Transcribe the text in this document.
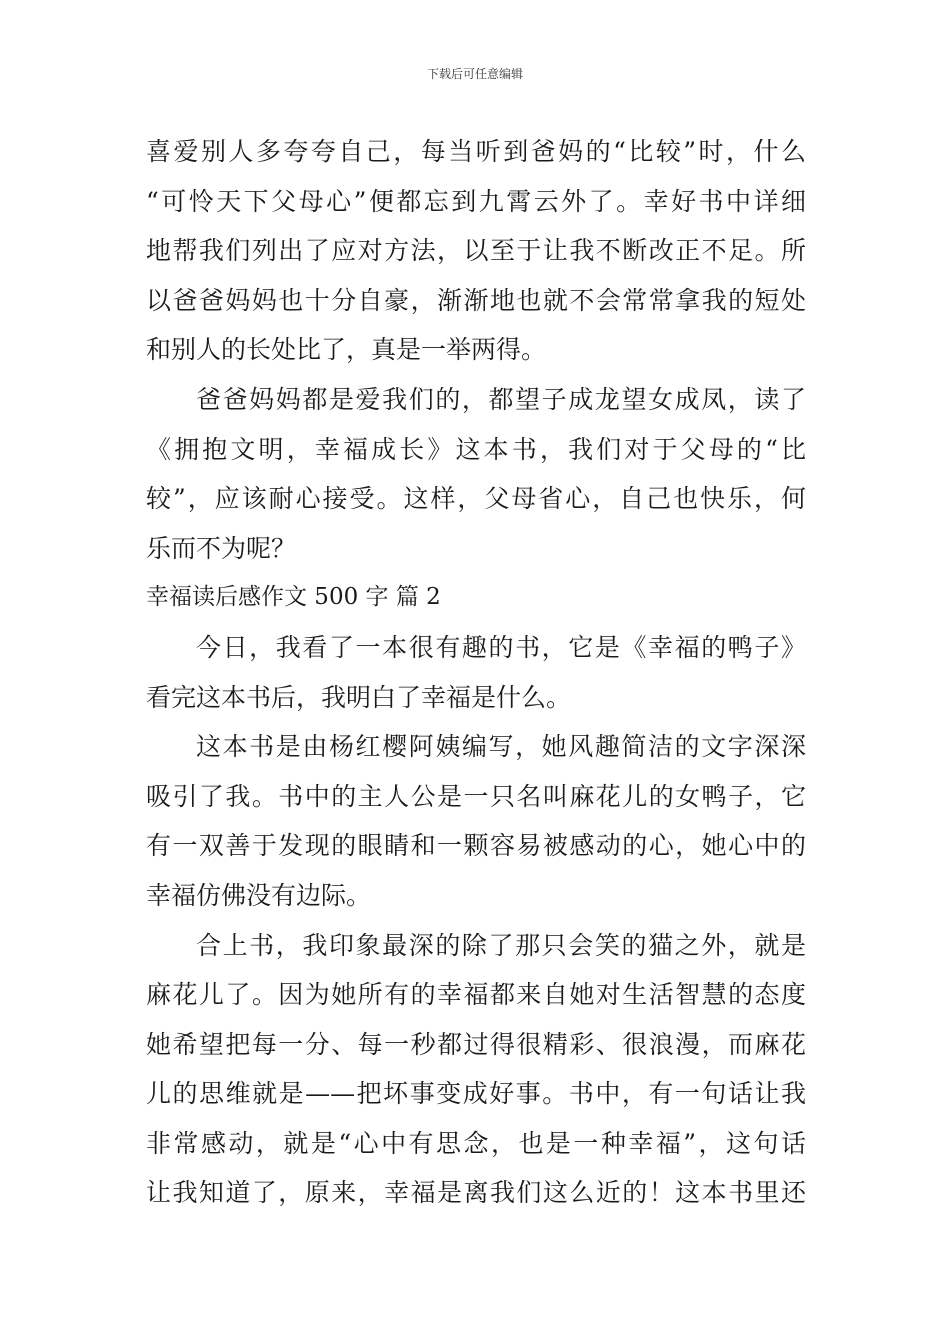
下载后可任意编辑
喜爱别人多夸夸自己，每当听到爸妈的“比较”时，什么
“可怜天下父母心”便都忘到九霄云外了。幸好书中详细
地帮我们列出了应对方法，以至于让我不断改正不足。所
以爸爸妈妈也十分自豪，渐渐地也就不会常常拿我的短处
和别人的长处比了，真是一举两得。
爸爸妈妈都是爱我们的，都望子成龙望女成凤，读了
《拥抱文明，幸福成长》这本书，我们对于父母的“比
较”，应该耐心接受。这样，父母省心，自己也快乐，何
乐而不为呢？
幸福读后感作文 500 字 篇 2
今日，我看了一本很有趣的书，它是《幸福的鸭子》
看完这本书后，我明白了幸福是什么。
这本书是由杨红樱阿姨编写，她风趣简洁的文字深深
吸引了我。书中的主人公是一只名叫麻花儿的女鸭子，它
有一双善于发现的眼睛和一颗容易被感动的心，她心中的
幸福仿佛没有边际。
合上书，我印象最深的除了那只会笑的猫之外，就是
麻花儿了。因为她所有的幸福都来自她对生活智慧的态度
她希望把每一分、每一秒都过得很精彩、很浪漫，而麻花
儿的思维就是——把坏事变成好事。书中，有一句话让我
非常感动，就是“心中有思念，也是一种幸福”，这句话
让我知道了，原来，幸福是离我们这么近的！这本书里还
